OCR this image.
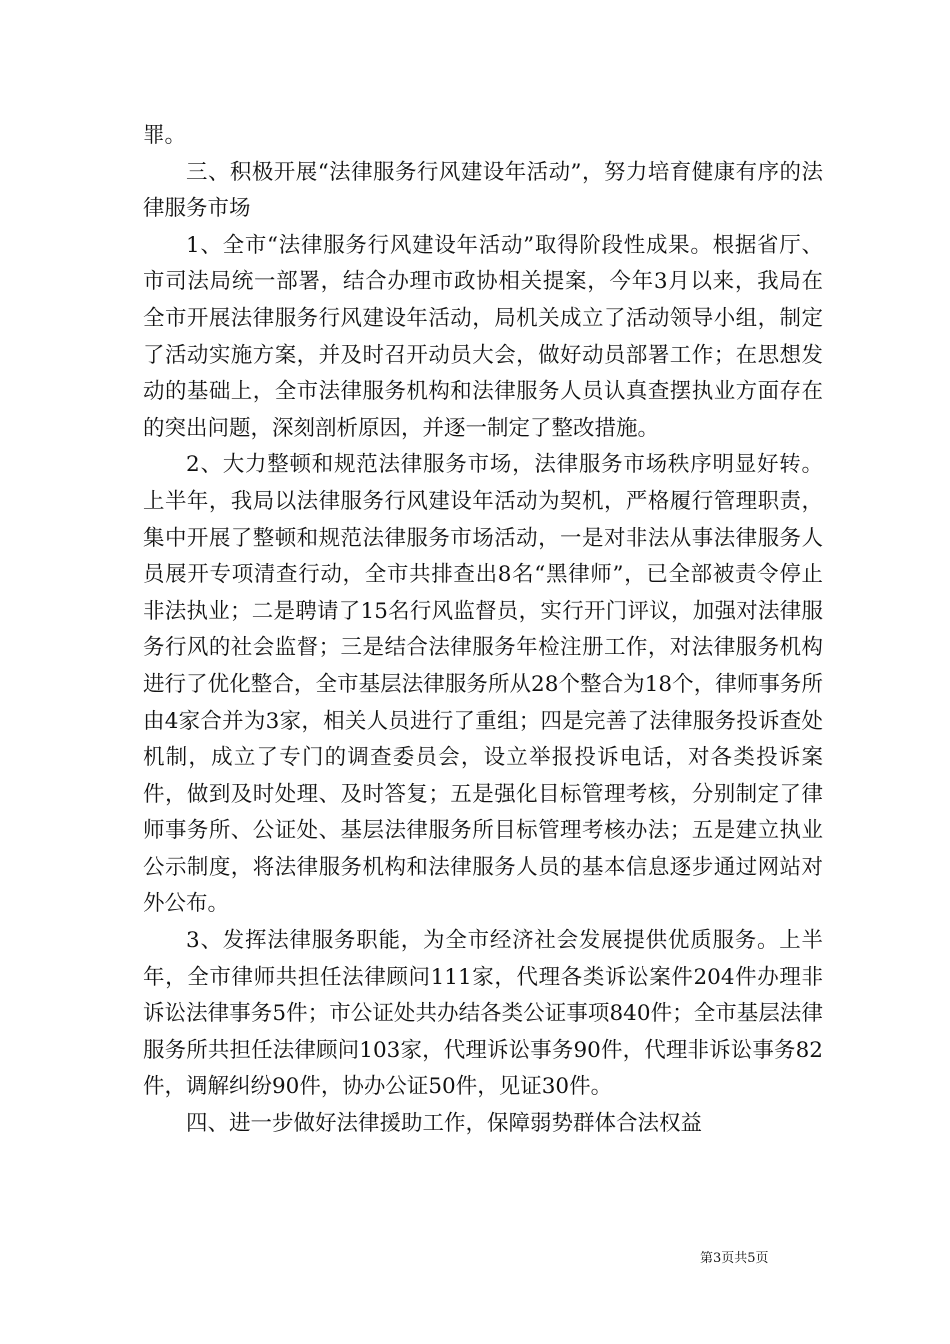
罪。

三、积极开展“法律服务行风建设年活动”，努力培育健康有序的法律服务市场

1、全市“法律服务行风建设年活动”取得阶段性成果。根据省厅、市司法局统一部署，结合办理市政协相关提案，今年3月以来，我局在全市开展法律服务行风建设年活动，局机关成立了活动领导小组，制定了活动实施方案，并及时召开动员大会，做好动员部署工作；在思想发动的基础上，全市法律服务机构和法律服务人员认真查摆执业方面存在的突出问题，深刻剖析原因，并逐一制定了整改措施。

2、大力整顿和规范法律服务市场，法律服务市场秩序明显好转。上半年，我局以法律服务行风建设年活动为契机，严格履行管理职责，集中开展了整顿和规范法律服务市场活动，一是对非法从事法律服务人员展开专项清查行动，全市共排查出8名“黑律师”，已全部被责令停止非法执业；二是聘请了15名行风监督员，实行开门评议，加强对法律服务行风的社会监督；三是结合法律服务年检注册工作，对法律服务机构进行了优化整合，全市基层法律服务所从28个整合为18个，律师事务所由4家合并为3家，相关人员进行了重组；四是完善了法律服务投诉查处机制，成立了专门的调查委员会，设立举报投诉电话，对各类投诉案件，做到及时处理、及时答复；五是强化目标管理考核，分别制定了律师事务所、公证处、基层法律服务所目标管理考核办法；五是建立执业公示制度，将法律服务机构和法律服务人员的基本信息逐步通过网站对外公布。

3、发挥法律服务职能，为全市经济社会发展提供优质服务。上半年，全市律师共担任法律顾问111家，代理各类诉讼案件204件办理非诉讼法律事务5件；市公证处共办结各类公证事项840件；全市基层法律服务所共担任法律顾问103家，代理诉讼事务90件，代理非诉讼事务82件，调解纠纷90件，协办公证50件，见证30件。

四、进一步做好法律援助工作，保障弱势群体合法权益

第3页共5页
